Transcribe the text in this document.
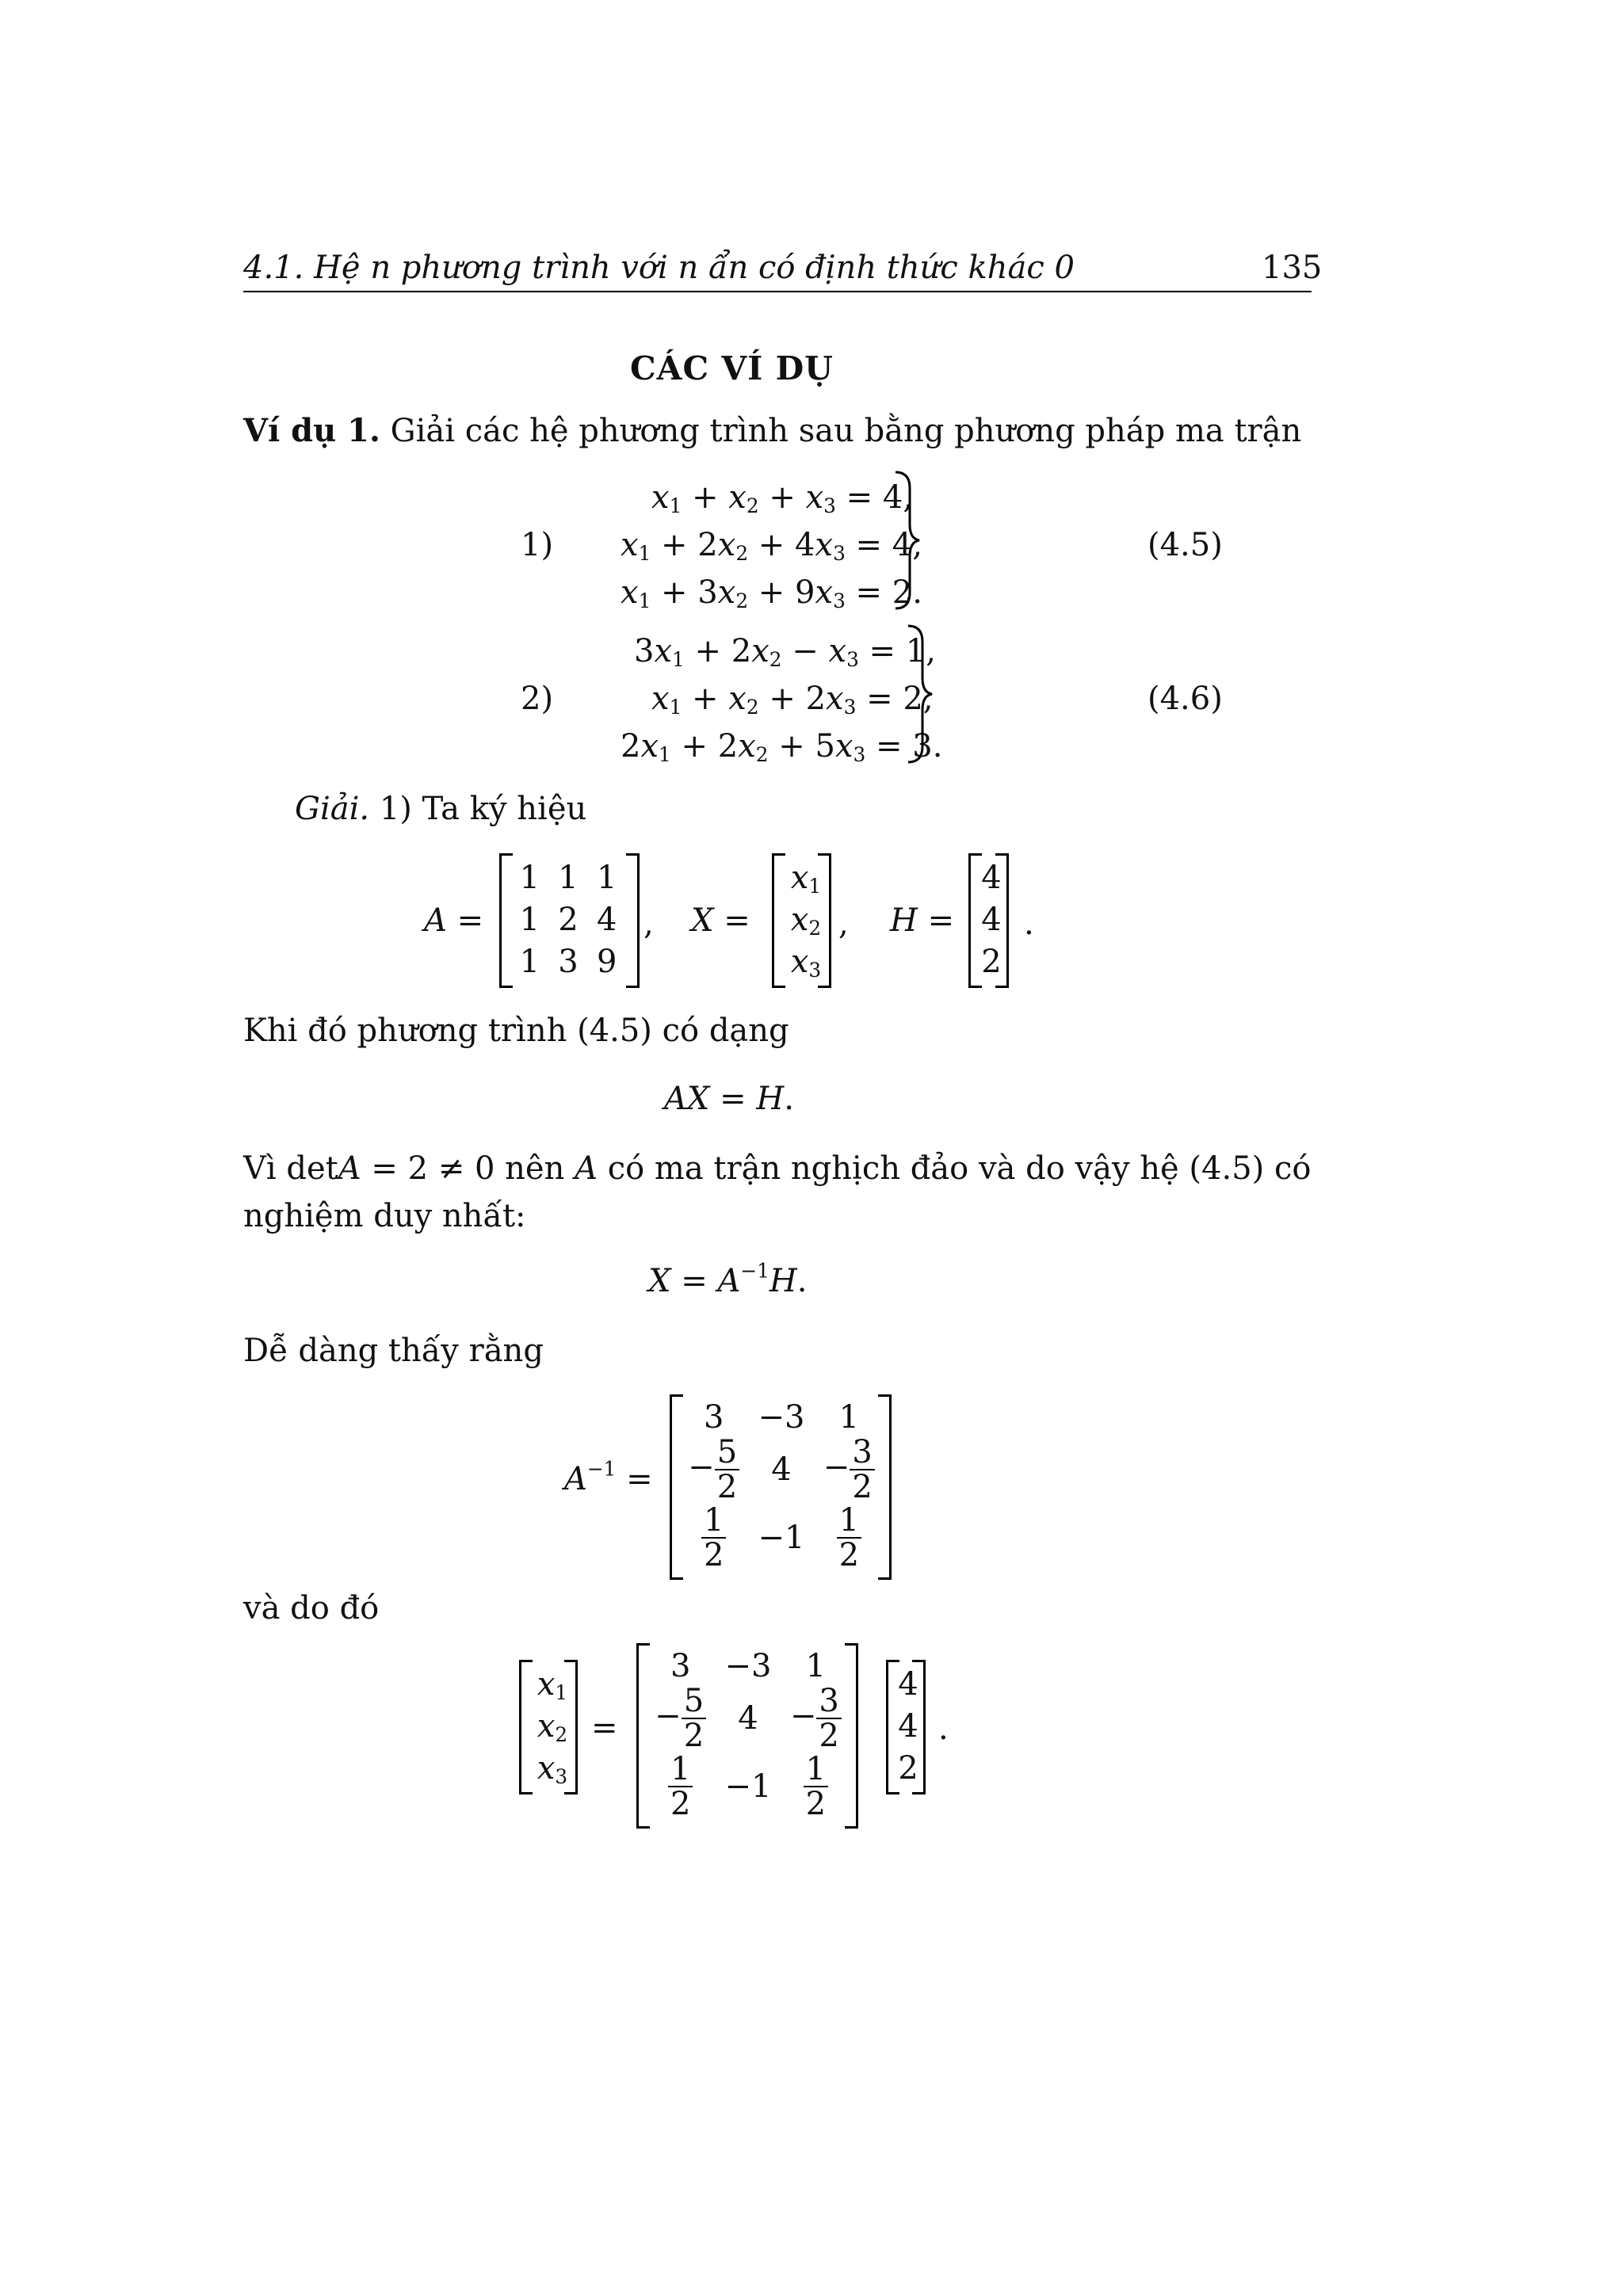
4.1. Hệ n phương trình với n ẩn có định thức khác 0	135
CÁC VÍ DỤ
Ví dụ 1. Giải các hệ phương trình sau bằng phương pháp ma trận
1)
$x_1 + x_2 + x_3 = 4$,
$x_1 + 2x_2 + 4x_3 = 4$,
$x_1 + 3x_2 + 9x_3 = 2$.
(4.5)
2)
$3x_1 + 2x_2 - x_3 = 1$,
$x_1 + x_2 + 2x_3 = 2$,
$2x_1 + 2x_2 + 5x_3 = 3$.
(4.6)
Giải. 1) Ta ký hiệu
A =
1 1 1
1 2 4
1 3 9
, X =
$x_1$
$x_2$
$x_3$
, H =
4
4
2
.
Khi đó phương trình (4.5) có dạng
AX = H.
Vì detA = 2 ≠ 0 nên A có ma trận nghịch đảo và do vậy hệ (4.5) có
nghiệm duy nhất:
$X = A^{-1}H$.
Dễ dàng thấy rằng
$A^{-1}$ =
3 −3 1
− $\frac{5}{2} 4 - \frac{3}{2}$
$\frac{1}{2} -1 \frac{1}{2}$
và do đó
$x_1$
$x_2$
$x_3$
=
3 −3 1
− $\frac{5}{2} 4 - \frac{3}{2}$
$\frac{1}{2} -1 \frac{1}{2}$
4
4
2
.
